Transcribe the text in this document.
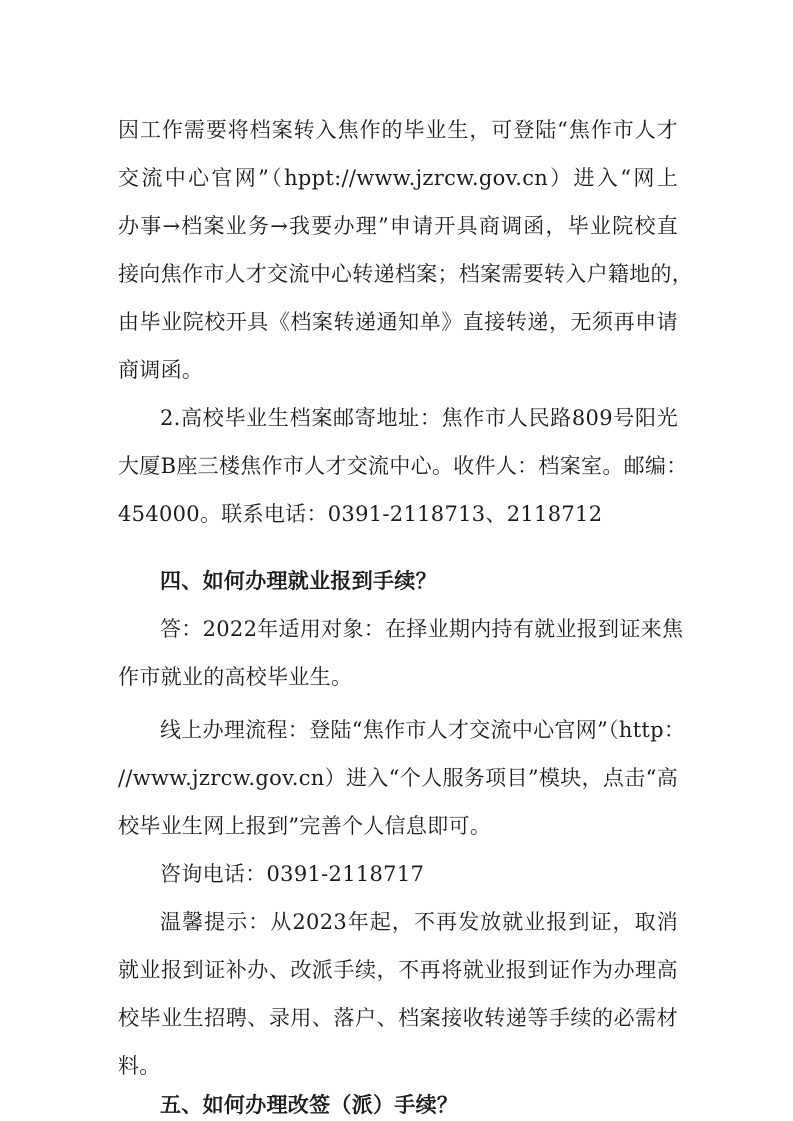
因工作需要将档案转入焦作的毕业生，可登陆“焦作市人才
交流中心官网”（hppt://www.jzrcw.gov.cn）进入“网上
办事→档案业务→我要办理”申请开具商调函，毕业院校直
接向焦作市人才交流中心转递档案；档案需要转入户籍地的，
由毕业院校开具《档案转递通知单》直接转递，无须再申请
商调函。
2.高校毕业生档案邮寄地址：焦作市人民路809号阳光
大厦B座三楼焦作市人才交流中心。收件人：档案室。邮编：
454000。联系电话：0391-2118713、2118712
四、如何办理就业报到手续？
答：2022年适用对象：在择业期内持有就业报到证来焦
作市就业的高校毕业生。
线上办理流程：登陆“焦作市人才交流中心官网”（http：
//www.jzrcw.gov.cn）进入“个人服务项目”模块，点击“高
校毕业生网上报到”完善个人信息即可。
咨询电话：0391-2118717
温馨提示：从2023年起，不再发放就业报到证，取消
就业报到证补办、改派手续，不再将就业报到证作为办理高
校毕业生招聘、录用、落户、档案接收转递等手续的必需材
料。
五、如何办理改签（派）手续？
